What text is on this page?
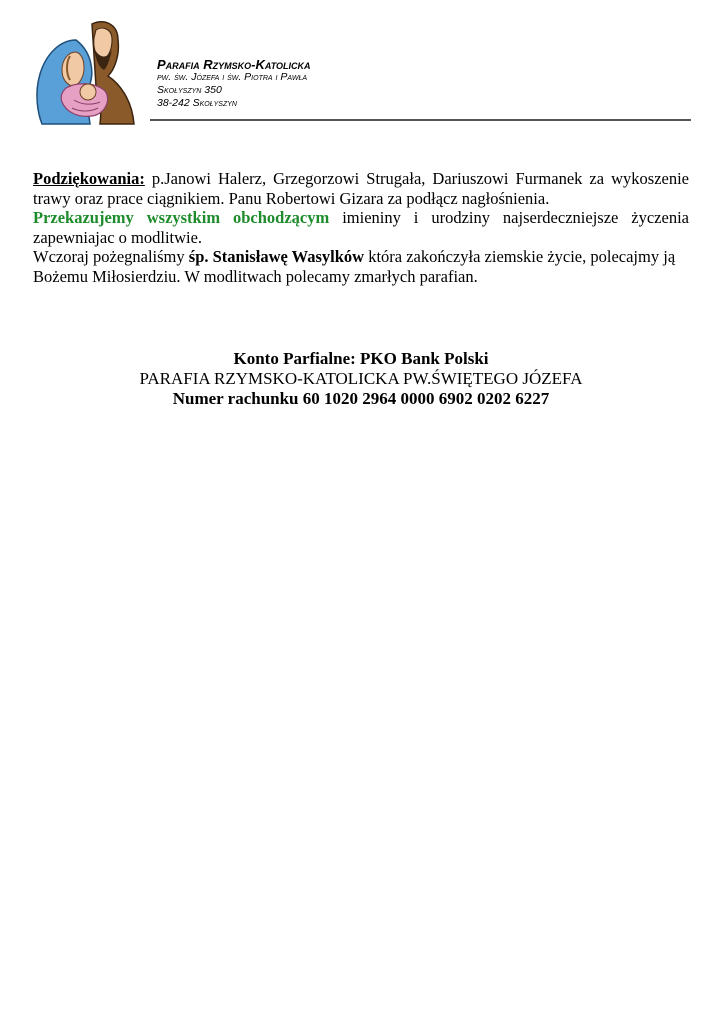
Parafia Rzymsko-Katolicka
pw. św. Józefa i św. Piotra i Pawła
Skołyszyn 350
38-242 Skołyszyn

Podziękowania: p.Janowi Halerz, Grzegorzowi Strugała, Dariuszowi Furmanek za wykoszenie trawy oraz prace ciągnikiem. Panu Robertowi Gizara za podłącz nagłośnienia.

Przekazujemy wszystkim obchodzącym imieniny i urodziny najserdeczniejsze życzenia zapewniajac o modlitwie.

Wczoraj pożegnaliśmy śp. Stanisławę Wasylków która zakończyła ziemskie życie, polecajmy ją Bożemu Miłosierdziu. W modlitwach polecamy zmarłych parafian.

Konto Parfialne: PKO Bank Polski
PARAFIA RZYMSKO-KATOLICKA PW.ŚWIĘTEGO JÓZEFA
Numer rachunku 60 1020 2964 0000 6902 0202 6227
